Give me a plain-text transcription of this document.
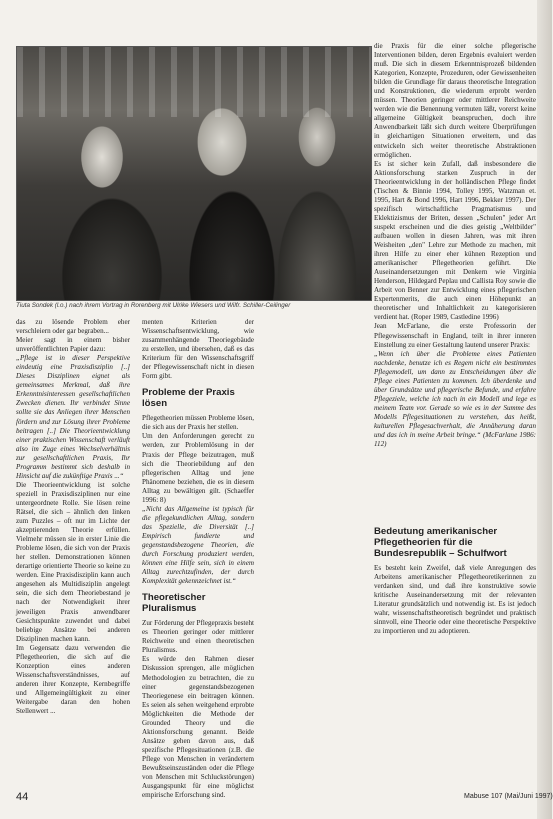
Tiuta Sondek (l.o.) nach ihrem Vortrag in Rorenberg mit Ulrike Wiesers und Wilfr. Schiller-Ceilinger

das zu lösende Problem eher verschleiern oder gar begraben...

Meier sagt in einem bisher unveröffentlichten Papier dazu:

„Pflege ist in dieser Perspektive eindeutig eine Praxisdisziplin [..] Dieses Disziplinen eignet als gemeinsames Merkmal, daß ihre Erkenntnisinteressen gesellschaftlichen Zwecken dienen. Ihr verbindet Sinne sollte sie das Anliegen ihrer Menschen fördern und zur Lösung ihrer Probleme beitragen [..] Die Theorieentwicklung einer praktischen Wissenschaft verläuft also im Zuge eines Wechselverhältnis zur gesellschaftlichen Praxis, Ihr Programm bestimmt sich deshalb in Hinsicht auf die zukünftige Praxis ...“

Die Theorieentwicklung ist solche speziell in Praxisdisziplinen nur eine untergeordnete Rolle. Sie lösen reine Rätsel, die sich – ähnlich den linken zum Puzzles – oft nur im Lichte der akzeptierenden Theorie erfüllen. Vielmehr müssen sie in erster Linie die Probleme lösen, die sich von der Praxis her stellen. Demonstrationen können derartige orientierte Theorie so keine zu werden. Eine Praxisdisziplin kann auch angesehen als Multidisziplin angelegt sein, die sich dem Theoriebestand je nach der Notwendigkeit ihrer jeweiligen Praxis anwendbarer Gesichtspunkte zuwendet und dabei beliebige Ansätze bei anderen Disziplinen machen kann.

Im Gegensatz dazu verwenden die Pflegetheorien, die sich auf die Konzeption eines anderen Wissenschaftsverständnisses, auf anderen ihrer Konzepte, Kernbegriffe und Allgemeingültigkeit zu einer Weitergabe daran den hohen Stellenwert ...

menten Kriterien der Wissenschaftsentwicklung, wie zusammenhängende Theoriegebäude zu erstellen, und übersehen, daß es das Kriterium für den Wissenschaftsgriff der Pflegewissenschaft nicht in diesen Form gibt.

Probleme der Praxis lösen

Pflegetheorien müssen Probleme lösen, die sich aus der Praxis her stellen.

Um den Anforderungen gerecht zu werden, zur Problemlösung in der Praxis der Pflege beizutragen, muß sich die Theoriebildung auf den pflegerischen Alltag und jene Phänomene beziehen, die es in diesem Alltag zu bewältigen gilt. (Schaeffer 1996: 8)

„Nicht das Allgemeine ist typisch für die pflegekundlichen Alltag, sondern das Spezielle, die Diversität [..] Empirisch fundierte und gegenstandsbezogene Theorien, die durch Forschung produziert werden, können eine Hilfe sein, sich in einem Alltag zurechtzufinden, der durch Komplexität gekennzeichnet ist.“

Theoretischer Pluralismus

Zur Förderung der Pflegepraxis besteht es Theorien geringer oder mittlerer Reichweite und einen theoretischen Pluralismus.

Es würde den Rahmen dieser Diskussion sprengen, alle möglichen Methodologien zu betrachten, die zu einer gegenstandsbezogenen Theoriegenese ein beitragen können. Es seien als sehen weitgehend erprobte Möglichkeiten die Methode der Grounded Theory und die Aktionsforschung genannt. Beide Ansätze gehen davon aus, daß spezifische Pflegesituationen (z.B. die Pflege von Menschen in verändertem Bewußtseinszuständen oder die Pflege von Menschen mit Schluckstörungen) Ausgangspunkt für eine möglichst empirische Erforschung sind.

die Praxis für die einer solche pflegerische Interventionen bilden, deren Ergebnis evaluiert werden muß. Die sich in diesem Erkenntnisprozeß bildenden Kategorien, Konzepte, Prozeduren, oder Gewissenheiten bilden die Grundlage für daraus theoretische Integration und Konstruktionen, die wiederum erprobt werden müssen. Theorien geringer oder mittlerer Reichweite werden wie die Benennung vermuten läßt, vorerst keine allgemeine Gültigkeit beanspruchen, doch ihre Anwendbarkeit läßt sich durch weitere Überprüfungen in gleichartigen Situationen erweitern, und das entwickeln sich weiter theoretische Abstraktionen ermöglichen.

Es ist sicher kein Zufall, daß insbesondere die Aktionsforschung starken Zuspruch in der Theorieentwicklung in der holländischen Pflege findet (Tischen & Binnie 1994, Tolley 1995, Watzman et. 1995, Hart & Bond 1996, Hart 1996, Bekker 1997). Der spezifisch wirtschaftliche Pragmatismus und Eklektizismus der Briten, dessen „Schulen" jeder Art suspekt erscheinen und die dies geistig „Weltbilder" aufbauen wollen in diesen Jahren, was mit ihren Weisheiten „den" Lehre zur Methode zu machen, mit ihren Hilfe zu einer eher kühnen Rezeption und amerikanischer Pflegetheorien geführt. Die Auseinandersetzungen mit Denkern wie Virginia Henderson, Hildegard Peplau und Callista Roy sowie die Arbeit von Benner zur Entwicklung eines pflegerischen Expertenmerits, die auch einen Höhepunkt an theoretischer und Inhaltlichkeit zu kategorisieren verdient hat. (Roper 1989, Castledine 1996)

Jean McFarlane, die erste Professorin der Pflegewissenschaft in England, teilt in ihrer inneren Einstellung zu einer Gestaltung lautend unserer Praxis:

„Wenn ich über die Probleme eines Patienten nachdenke, benutze ich es Regem nicht ein bestimmtes Pflegemodell, um dann zu Entscheidungen über die Pflege eines Patienten zu kommen. Ich überdenke und über Grundsätze und pflegerische Befunde, und erfahre Pflegeziele, welche ich nach in ein Modell und lege es meinem Team vor. Gerade so wie es in der Summe des Modells Pflegesituationen zu verstehen, das heißt, kulturellen Pflegesachverhalt, die Annäherung daran und das ich in meine Arbeit bringe.“ (McFarlane 1986: 112)

Bedeutung amerikanischer Pflegetheorien für die Bundesrepublik – Schulfwort

Es besteht kein Zweifel, daß viele Anregungen des Arbeitens amerikanischer Pflegetheoretikerinnen zu verdanken sind, und daß ihre konstruktive sowie kritische Auseinandersetzung mit der relevanten Literatur grundsätzlich und notwendig ist. Es ist jedoch wahr, wissenschaftstheoretisch begründet und praktisch sinnvoll, eine Theorie oder eine theoretische Perspektive zu importieren und zu adoptieren.

44	Mabuse 107 (Mai/Juni 1997)
